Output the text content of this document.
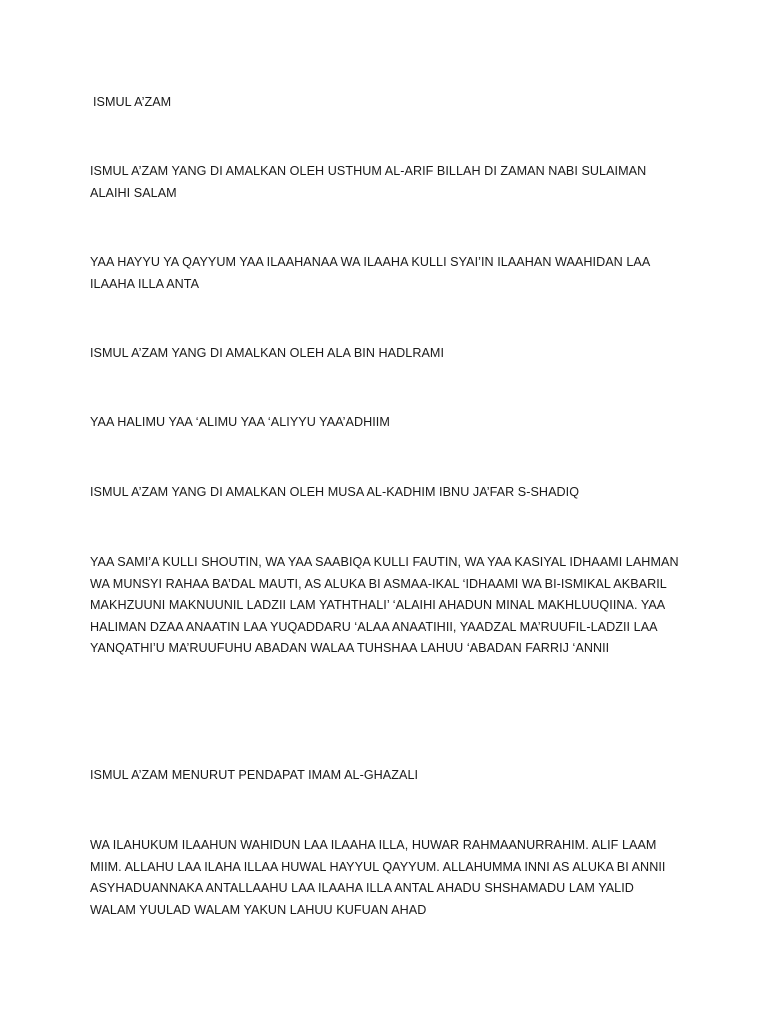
ISMUL A’ZAM

ISMUL A’ZAM YANG DI AMALKAN OLEH USTHUM AL-ARIF BILLAH DI ZAMAN NABI SULAIMAN ALAIHI SALAM

YAA HAYYU YA QAYYUM YAA ILAAHANAA WA ILAAHA KULLI SYAI’IN ILAAHAN WAAHIDAN LAA ILAAHA ILLA ANTA

ISMUL A’ZAM YANG DI AMALKAN OLEH ALA BIN HADLRAMI

YAA HALIMU YAA ‘ALIMU YAA ‘ALIYYU YAA’ADHIIM

ISMUL A’ZAM YANG DI AMALKAN OLEH MUSA AL-KADHIM IBNU JA’FAR S-SHADIQ

YAA SAMI’A KULLI SHOUTIN, WA YAA SAABIQA KULLI FAUTIN, WA YAA KASIYAL IDHAAMI LAHMAN WA MUNSYI RAHAA BA’DAL MAUTI, AS ALUKA BI ASMAA-IKAL ‘IDHAAMI WA BI-ISMIKAL AKBARIL MAKHZUUNI MAKNUUNIL LADZII LAM YATHTHALI’ ‘ALAIHI AHADUN MINAL MAKHLUUQIINA. YAA HALIMAN DZAA ANAATIN LAA YUQADDARU ‘ALAA ANAATIHII, YAADZAL MA’RUUFIL-LADZII LAA YANQATHI’U MA’RUUFUHU ABADAN WALAA TUHSHAA LAHUU ‘ABADAN FARRIJ ‘ANNII

ISMUL A’ZAM MENURUT PENDAPAT IMAM AL-GHAZALI

WA ILAHUKUM ILAAHUN WAHIDUN LAA ILAAHA ILLA, HUWAR RAHMAANURRAHIM. ALIF LAAM MIIM. ALLAHU LAA ILAHA ILLAA HUWAL HAYYUL QAYYUM. ALLAHUMMA INNI AS ALUKA BI ANNII ASYHADUANNAKA ANTALLAAHU LAA ILAAHA ILLA ANTAL AHADU SHSHAMADU LAM YALID WALAM YUULAD WALAM YAKUN LAHUU KUFUAN AHAD
